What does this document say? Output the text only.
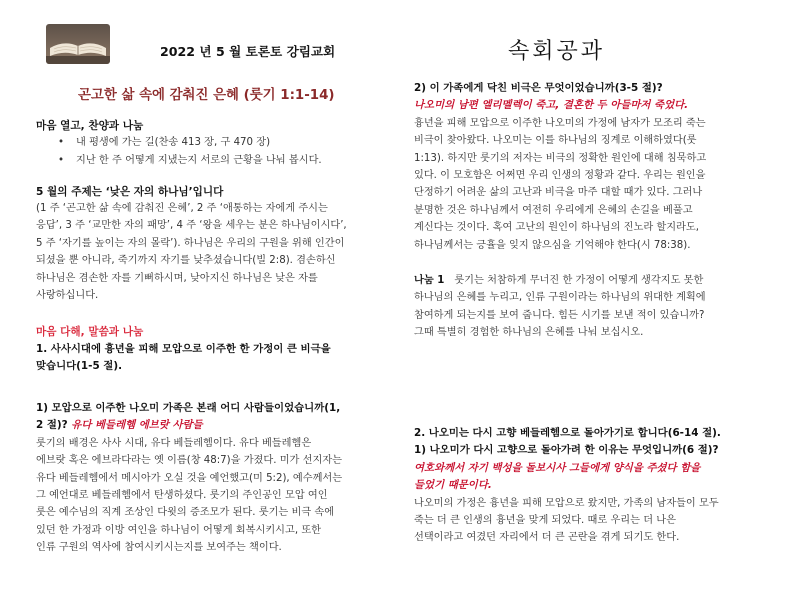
2022 년 5 월 토론토 강림교회	속회공과
곤고한 삶 속에 감춰진 은혜 (룻기 1:1-14)
마음 열고, 찬양과 나눔
• 내 평생에 가는 길(찬송 413 장, 구 470 장)
• 지난 한 주 어떻게 지냈는지 서로의 근황을 나눠 봅시다.
5 월의 주제는 ‘낮은 자의 하나님’입니다

(1 주 ‘곤고한 삶 속에 감춰진 은혜’, 2 주 ‘애통하는 자에게 주시는

응답’, 3 주 ‘교만한 자의 패망’, 4 주 ‘왕을 세우는 분은 하나님이시다’,

5 주 ‘자기를 높이는 자의 몰락’). 하나님은 우리의 구원을 위해 인간이

되셨을 뿐 아니라, 죽기까지 자기를 낮추셨습니다(빌 2:8). 겸손하신

하나님은 겸손한 자를 기뻐하시며, 낮아지신 하나님은 낮은 자를

사랑하십니다.

마음 다해, 말씀과 나눔

1. 사사시대에 흉년을 피해 모압으로 이주한 한 가정이 큰 비극을

맞습니다(1-5 절).

1) 모압으로 이주한 나오미 가족은 본래 어디 사람들이었습니까(1,

2 절)? 유다 베들레헴 에브랏 사람들

룻기의 배경은 사사 시대, 유다 베들레헴이다. 유다 베들레헴은

에브랏 혹은 에브라다라는 옛 이름(창 48:7)을 가졌다. 미가 선지자는

유다 베들레헴에서 메시아가 오실 것을 예언했고(미 5:2), 예수께서는

그 예언대로 베들레헴에서 탄생하셨다. 룻기의 주인공인 모압 여인

룻은 예수님의 직계 조상인 다윗의 증조모가 된다. 룻기는 비극 속에

있던 한 가정과 이방 여인을 하나님이 어떻게 회복시키시고, 또한

인류 구원의 역사에 참여시키시는지를 보여주는 책이다.

2) 이 가족에게 닥친 비극은 무엇이었습니까(3-5 절)?

나오미의 남편 엘리멜렉이 죽고, 결혼한 두 아들마저 죽었다.

흉년을 피해 모압으로 이주한 나오미의 가정에 남자가 모조리 죽는

비극이 찾아왔다. 나오미는 이를 하나님의 징계로 이해하였다(룻

1:13). 하지만 룻기의 저자는 비극의 정확한 원인에 대해 침묵하고

있다. 이 모호함은 어쩌면 우리 인생의 정황과 같다. 우리는 원인을

단정하기 어려운 삶의 고난과 비극을 마주 대할 때가 있다. 그러나

분명한 것은 하나님께서 여전히 우리에게 은혜의 손길을 베풀고

계신다는 것이다. 혹여 고난의 원인이 하나님의 진노라 할지라도,

하나님께서는 긍휼을 잊지 않으심을 기억해야 한다(시 78:38).

나눔 1 룻기는 처참하게 무너진 한 가정이 어떻게 생각지도 못한

하나님의 은혜를 누리고, 인류 구원이라는 하나님의 위대한 계획에

참여하게 되는지를 보여 줍니다. 힘든 시기를 보낸 적이 있습니까?

그때 특별히 경험한 하나님의 은혜를 나눠 보십시오.

2. 나오미는 다시 고향 베들레헴으로 돌아가기로 합니다(6-14 절).

1) 나오미가 다시 고향으로 돌아가려 한 이유는 무엇입니까(6 절)?

여호와께서 자기 백성을 돌보시사 그들에게 양식을 주셨다 함을

들었기 때문이다.

나오미의 가정은 흉년을 피해 모압으로 왔지만, 가족의 남자들이 모두

죽는 더 큰 인생의 흉년을 맞게 되었다. 때로 우리는 더 나은

선택이라고 여겼던 자리에서 더 큰 곤란을 겪게 되기도 한다.
